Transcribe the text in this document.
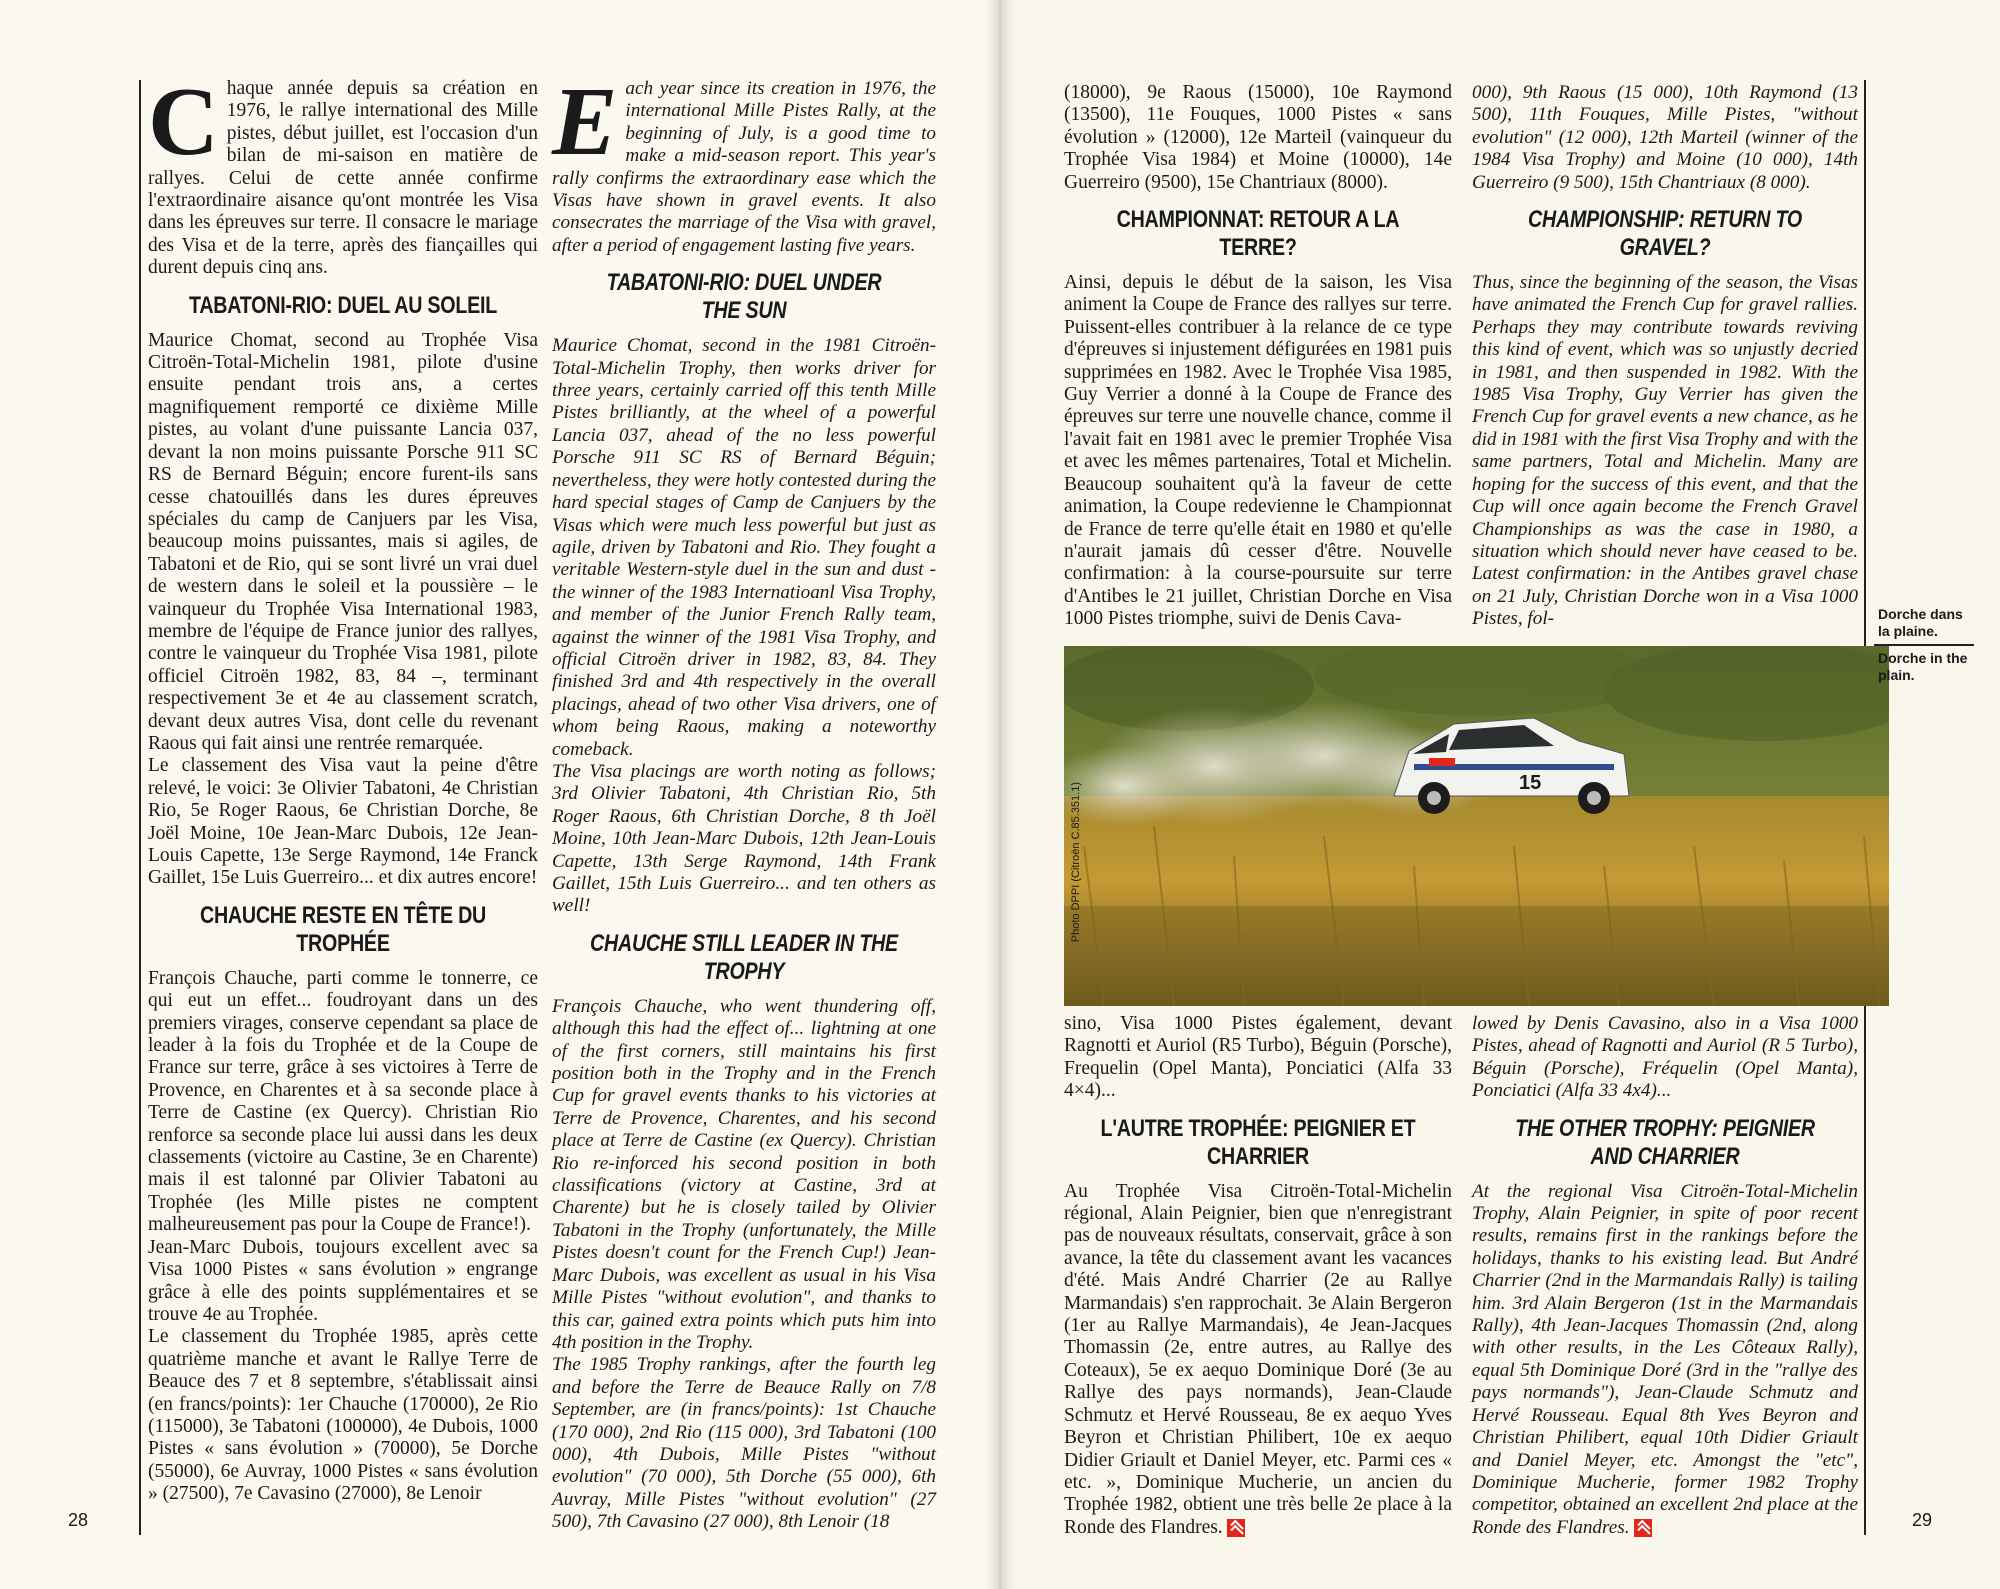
Chaque année depuis sa création en 1976, le rallye international des Mille pistes, début juillet, est l'occasion d'un bilan de mi-saison en matière de rallyes. Celui de cette année confirme l'extraordinaire aisance qu'ont montrée les Visa dans les épreuves sur terre. Il consacre le mariage des Visa et de la terre, après des fiançailles qui durent depuis cinq ans.

TABATONI-RIO: DUEL AU SOLEIL

Maurice Chomat, second au Trophée Visa Citroën-Total-Michelin 1981, pilote d'usine ensuite pendant trois ans, a certes magnifiquement remporté ce dixième Mille pistes, au volant d'une puissante Lancia 037, devant la non moins puissante Porsche 911 SC RS de Bernard Béguin; encore furent-ils sans cesse chatouillés dans les dures épreuves spéciales du camp de Canjuers par les Visa, beaucoup moins puissantes, mais si agiles, de Tabatoni et de Rio, qui se sont livré un vrai duel de western dans le soleil et la poussière – le vainqueur du Trophée Visa International 1983, membre de l'équipe de France junior des rallyes, contre le vainqueur du Trophée Visa 1981, pilote officiel Citroën 1982, 83, 84 –, terminant respectivement 3e et 4e au classement scratch, devant deux autres Visa, dont celle du revenant Raous qui fait ainsi une rentrée remarquée.

Le classement des Visa vaut la peine d'être relevé, le voici: 3e Olivier Tabatoni, 4e Christian Rio, 5e Roger Raous, 6e Christian Dorche, 8e Joël Moine, 10e Jean-Marc Dubois, 12e Jean-Louis Capette, 13e Serge Raymond, 14e Franck Gaillet, 15e Luis Guerreiro... et dix autres encore!

CHAUCHE RESTE EN TÊTE DU TROPHÉE

François Chauche, parti comme le tonnerre, ce qui eut un effet... foudroyant dans un des premiers virages, conserve cependant sa place de leader à la fois du Trophée et de la Coupe de France sur terre, grâce à ses victoires à Terre de Provence, en Charentes et à sa seconde place à Terre de Castine (ex Quercy). Christian Rio renforce sa seconde place lui aussi dans les deux classements (victoire au Castine, 3e en Charente) mais il est talonné par Olivier Tabatoni au Trophée (les Mille pistes ne comptent malheureusement pas pour la Coupe de France!).

Jean-Marc Dubois, toujours excellent avec sa Visa 1000 Pistes « sans évolution » engrange grâce à elle des points supplémentaires et se trouve 4e au Trophée.

Le classement du Trophée 1985, après cette quatrième manche et avant le Rallye Terre de Beauce des 7 et 8 septembre, s'établissait ainsi (en francs/points): 1er Chauche (170000), 2e Rio (115000), 3e Tabatoni (100000), 4e Dubois, 1000 Pistes « sans évolution » (70000), 5e Dorche (55000), 6e Auvray, 1000 Pistes « sans évolution » (27500), 7e Cavasino (27000), 8e Lenoir

Each year since its creation in 1976, the international Mille Pistes Rally, at the beginning of July, is a good time to make a mid-season report. This year's rally confirms the extraordinary ease which the Visas have shown in gravel events. It also consecrates the marriage of the Visa with gravel, after a period of engagement lasting five years.

TABATONI-RIO: DUEL UNDER THE SUN

Maurice Chomat, second in the 1981 Citroën-Total-Michelin Trophy, then works driver for three years, certainly carried off this tenth Mille Pistes brilliantly, at the wheel of a powerful Lancia 037, ahead of the no less powerful Porsche 911 SC RS of Bernard Béguin; nevertheless, they were hotly contested during the hard special stages of Camp de Canjuers by the Visas which were much less powerful but just as agile, driven by Tabatoni and Rio. They fought a veritable Western-style duel in the sun and dust - the winner of the 1983 Internatioanl Visa Trophy, and member of the Junior French Rally team, against the winner of the 1981 Visa Trophy, and official Citroën driver in 1982, 83, 84. They finished 3rd and 4th respectively in the overall placings, ahead of two other Visa drivers, one of whom being Raous, making a noteworthy comeback.

The Visa placings are worth noting as follows; 3rd Olivier Tabatoni, 4th Christian Rio, 5th Roger Raous, 6th Christian Dorche, 8 th Joël Moine, 10th Jean-Marc Dubois, 12th Jean-Louis Capette, 13th Serge Raymond, 14th Frank Gaillet, 15th Luis Guerreiro... and ten others as well!

CHAUCHE STILL LEADER IN THE TROPHY

François Chauche, who went thundering off, although this had the effect of... lightning at one of the first corners, still maintains his first position both in the Trophy and in the French Cup for gravel events thanks to his victories at Terre de Provence, Charentes, and his second place at Terre de Castine (ex Quercy). Christian Rio re-inforced his second position in both classifications (victory at Castine, 3rd at Charente) but he is closely tailed by Olivier Tabatoni in the Trophy (unfortunately, the Mille Pistes doesn't count for the French Cup!) Jean-Marc Dubois, was excellent as usual in his Visa Mille Pistes "without evolution", and thanks to this car, gained extra points which puts him into 4th position in the Trophy.

The 1985 Trophy rankings, after the fourth leg and before the Terre de Beauce Rally on 7/8 September, are (in francs/points): 1st Chauche (170 000), 2nd Rio (115 000), 3rd Tabatoni (100 000), 4th Dubois, Mille Pistes "without evolution" (70 000), 5th Dorche (55 000), 6th Auvray, Mille Pistes "without evolution" (27 500), 7th Cavasino (27 000), 8th Lenoir (18

28	29

(18000), 9e Raous (15000), 10e Raymond (13500), 11e Fouques, 1000 Pistes « sans évolution » (12000), 12e Marteil (vainqueur du Trophée Visa 1984) et Moine (10000), 14e Guerreiro (9500), 15e Chantriaux (8000).

CHAMPIONNAT: RETOUR A LA TERRE?

Ainsi, depuis le début de la saison, les Visa animent la Coupe de France des rallyes sur terre. Puissent-elles contribuer à la relance de ce type d'épreuves si injustement défigurées en 1981 puis supprimées en 1982. Avec le Trophée Visa 1985, Guy Verrier a donné à la Coupe de France des épreuves sur terre une nouvelle chance, comme il l'avait fait en 1981 avec le premier Trophée Visa et avec les mêmes partenaires, Total et Michelin. Beaucoup souhaitent qu'à la faveur de cette animation, la Coupe redevienne le Championnat de France de terre qu'elle était en 1980 et qu'elle n'aurait jamais dû cesser d'être. Nouvelle confirmation: à la course-poursuite sur terre d'Antibes le 21 juillet, Christian Dorche en Visa 1000 Pistes triomphe, suivi de Denis Cava-

000), 9th Raous (15 000), 10th Raymond (13 500), 11th Fouques, Mille Pistes, "without evolution" (12 000), 12th Marteil (winner of the 1984 Visa Trophy) and Moine (10 000), 14th Guerreiro (9 500), 15th Chantriaux (8 000).

CHAMPIONSHIP: RETURN TO GRAVEL?

Thus, since the beginning of the season, the Visas have animated the French Cup for gravel rallies. Perhaps they may contribute towards reviving this kind of event, which was so unjustly decried in 1981, and then suspended in 1982. With the 1985 Visa Trophy, Guy Verrier has given the French Cup for gravel events a new chance, as he did in 1981 with the first Visa Trophy and with the same partners, Total and Michelin. Many are hoping for the success of this event, and that the Cup will once again become the French Gravel Championships as was the case in 1980, a situation which should never have ceased to be. Latest confirmation: in the Antibes gravel chase on 21 July, Christian Dorche won in a Visa 1000 Pistes, fol-

15
Photo DPPI (Citroën C.85.351.1)
Dorche dans la plaine.
Dorche in the plain.

sino, Visa 1000 Pistes également, devant Ragnotti et Auriol (R5 Turbo), Béguin (Porsche), Frequelin (Opel Manta), Ponciatici (Alfa 33 4×4)...

L'AUTRE TROPHÉE: PEIGNIER ET CHARRIER

Au Trophée Visa Citroën-Total-Michelin régional, Alain Peignier, bien que n'enregistrant pas de nouveaux résultats, conservait, grâce à son avance, la tête du classement avant les vacances d'été. Mais André Charrier (2e au Rallye Marmandais) s'en rapprochait. 3e Alain Bergeron (1er au Rallye Marmandais), 4e Jean-Jacques Thomassin (2e, entre autres, au Rallye des Coteaux), 5e ex aequo Dominique Doré (3e au Rallye des pays normands), Jean-Claude Schmutz et Hervé Rousseau, 8e ex aequo Yves Beyron et Christian Philibert, 10e ex aequo Didier Griault et Daniel Meyer, etc. Parmi ces « etc. », Dominique Mucherie, un ancien du Trophée 1982, obtient une très belle 2e place à la Ronde des Flandres.

lowed by Denis Cavasino, also in a Visa 1000 Pistes, ahead of Ragnotti and Auriol (R 5 Turbo), Béguin (Porsche), Fréquelin (Opel Manta), Ponciatici (Alfa 33 4x4)...

THE OTHER TROPHY: PEIGNIER AND CHARRIER

At the regional Visa Citroën-Total-Michelin Trophy, Alain Peignier, in spite of poor recent results, remains first in the rankings before the holidays, thanks to his existing lead. But André Charrier (2nd in the Marmandais Rally) is tailing him. 3rd Alain Bergeron (1st in the Marmandais Rally), 4th Jean-Jacques Thomassin (2nd, along with other results, in the Les Côteaux Rally), equal 5th Dominique Doré (3rd in the "rallye des pays normands"), Jean-Claude Schmutz and Hervé Rousseau. Equal 8th Yves Beyron and Christian Philibert, equal 10th Didier Griault and Daniel Meyer, etc. Amongst the "etc", Dominique Mucherie, former 1982 Trophy competitor, obtained an excellent 2nd place at the Ronde des Flandres.
